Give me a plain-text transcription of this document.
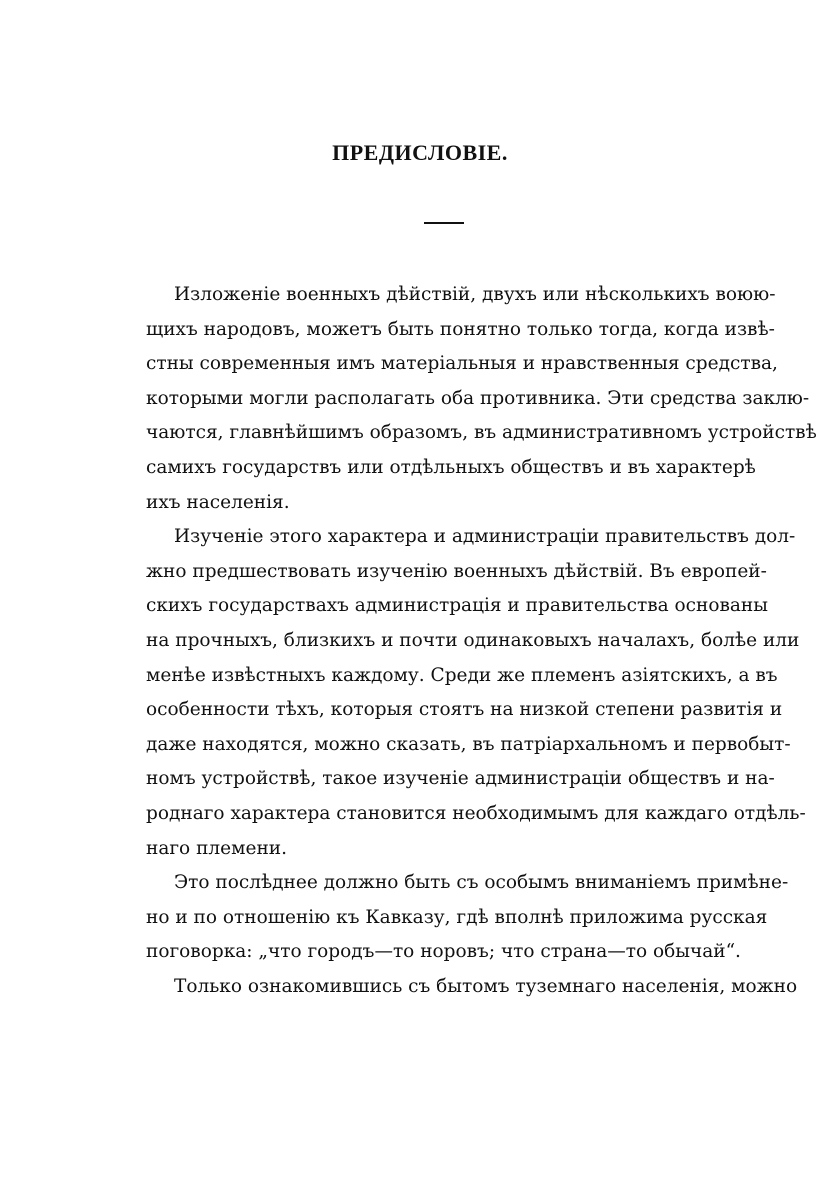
ПРЕДИСЛОВІЕ.
Изложеніе военныхъ дѣйствій, двухъ или нѣсколькихъ воюю-
щихъ народовъ, можетъ быть понятно только тогда, когда извѣ-
стны современныя имъ матеріальныя и нравственныя средства,
которыми могли располагать оба противника. Эти средства заклю-
чаются, главнѣйшимъ образомъ, въ административномъ устройствѣ
самихъ государствъ или отдѣльныхъ обществъ и въ характерѣ
ихъ населенія.
Изученіе этого характера и администраціи правительствъ дол-
жно предшествовать изученію военныхъ дѣйствій. Въ европей-
скихъ государствахъ администрація и правительства основаны
на прочныхъ, близкихъ и почти одинаковыхъ началахъ, болѣе или
менѣе извѣстныхъ каждому. Среди же племенъ азіятскихъ, а въ
особенности тѣхъ, которыя стоятъ на низкой степени развитія и
даже находятся, можно сказать, въ патріархальномъ и первобыт-
номъ устройствѣ, такое изученіе администраціи обществъ и на-
роднаго характера становится необходимымъ для каждаго отдѣль-
наго племени.
Это послѣднее должно быть съ особымъ вниманіемъ примѣне-
но и по отношенію къ Кавказу, гдѣ вполнѣ приложима русская
поговорка: „что городъ—то норовъ; что страна—то обычай“.
Только ознакомившись съ бытомъ туземнаго населенія, можно
